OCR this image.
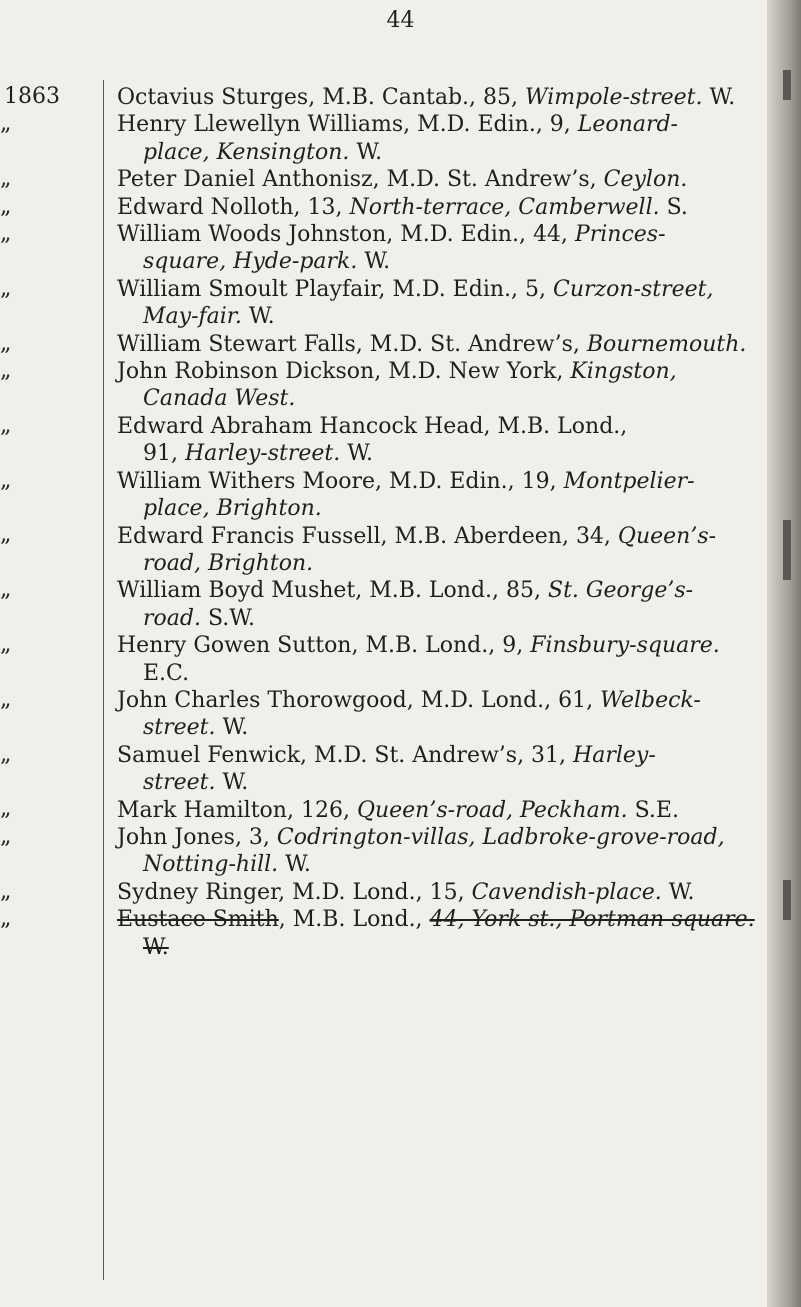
44
1863
„
„
„
„
„
„
„
„
„
„
„
„
„
„
„
„
„
„

Octavius Sturges, M.B. Cantab., 85, Wimpole-street. W.

Henry Llewellyn Williams, M.D. Edin., 9, Leonard-
place, Kensington. W.

Peter Daniel Anthonisz, M.D. St. Andrew’s, Ceylon.

Edward Nolloth, 13, North-terrace, Camberwell. S.

William Woods Johnston, M.D. Edin., 44, Princes-
square, Hyde-park. W.

William Smoult Playfair, M.D. Edin., 5, Curzon-street,
May-fair. W.

William Stewart Falls, M.D. St. Andrew’s, Bournemouth.

John Robinson Dickson, M.D. New York, Kingston,
Canada West.

Edward Abraham Hancock Head, M.B. Lond.,
91, Harley-street. W.

William Withers Moore, M.D. Edin., 19, Montpelier-
place, Brighton.

Edward Francis Fussell, M.B. Aberdeen, 34, Queen’s-
road, Brighton.

William Boyd Mushet, M.B. Lond., 85, St. George’s-
road. S.W.

Henry Gowen Sutton, M.B. Lond., 9, Finsbury-square.
E.C.

John Charles Thorowgood, M.D. Lond., 61, Welbeck-
street. W.

Samuel Fenwick, M.D. St. Andrew’s, 31, Harley-
street. W.

Mark Hamilton, 126, Queen’s-road, Peckham. S.E.

John Jones, 3, Codrington-villas, Ladbroke-grove-road,
Notting-hill. W.

Sydney Ringer, M.D. Lond., 15, Cavendish-place. W.

Eustace Smith, M.B. Lond., 44, York-st., Portman-square.
W.
